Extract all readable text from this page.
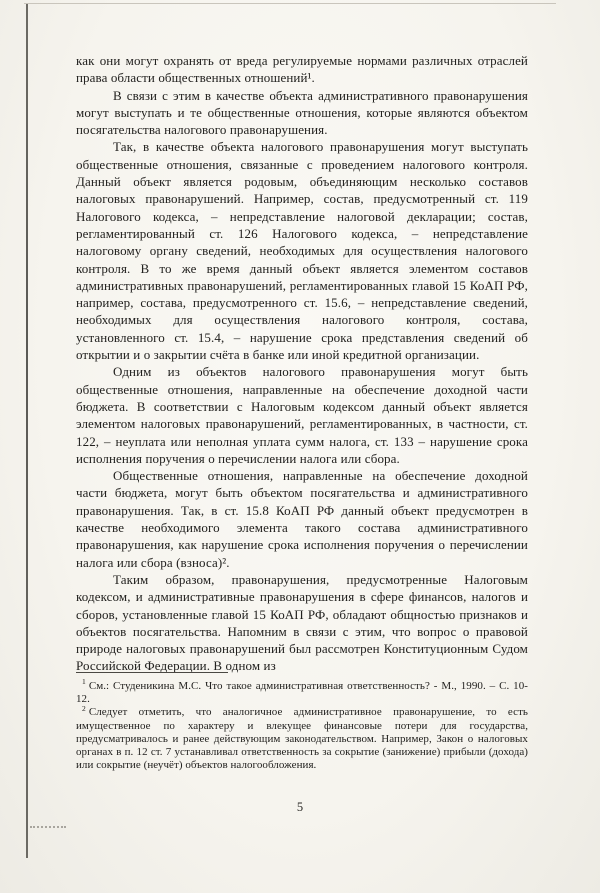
как они могут охранять от вреда регулируемые нормами различных отраслей права области общественных отношений¹.

В связи с этим в качестве объекта административного правонарушения могут выступать и те общественные отношения, которые являются объектом посягательства налогового правонарушения.

Так, в качестве объекта налогового правонарушения могут выступать общественные отношения, связанные с проведением налогового контроля. Данный объект является родовым, объединяющим несколько составов налоговых правонарушений. Например, состав, предусмотренный ст. 119 Налогового кодекса, – непредставление налоговой декларации; состав, регламентированный ст. 126 Налогового кодекса, – непредставление налоговому органу сведений, необходимых для осуществления налогового контроля. В то же время данный объект является элементом составов административных правонарушений, регламентированных главой 15 КоАП РФ, например, состава, предусмотренного ст. 15.6, – непредставление сведений, необходимых для осуществления налогового контроля, состава, установленного ст. 15.4, – нарушение срока представления сведений об открытии и о закрытии счёта в банке или иной кредитной организации.

Одним из объектов налогового правонарушения могут быть общественные отношения, направленные на обеспечение доходной части бюджета. В соответствии с Налоговым кодексом данный объект является элементом налоговых правонарушений, регламентированных, в частности, ст. 122, – неуплата или неполная уплата сумм налога, ст. 133 – нарушение срока исполнения поручения о перечислении налога или сбора.

Общественные отношения, направленные на обеспечение доходной части бюджета, могут быть объектом посягательства и административного правонарушения. Так, в ст. 15.8 КоАП РФ данный объект предусмотрен в качестве необходимого элемента такого состава административного правонарушения, как нарушение срока исполнения поручения о перечислении налога или сбора (взноса)².

Таким образом, правонарушения, предусмотренные Налоговым кодексом, и административные правонарушения в сфере финансов, налогов и сборов, установленные главой 15 КоАП РФ, обладают общностью признаков и объектов посягательства. Напомним в связи с этим, что вопрос о правовой природе налоговых правонарушений был рассмотрен Конституционным Судом Российской Федерации. В одном из

$^1$ См.: Студеникина М.С. Что такое административная ответственность? - М., 1990. – С. 10-12.

$^2$ Следует отметить, что аналогичное административное правонарушение, то есть имущественное по характеру и влекущее финансовые потери для государства, предусматривалось и ранее действующим законодательством. Например, Закон о налоговых органах в п. 12 ст. 7 устанавливал ответственность за сокрытие (занижение) прибыли (дохода) или сокрытие (неучёт) объектов налогообложения.

5
